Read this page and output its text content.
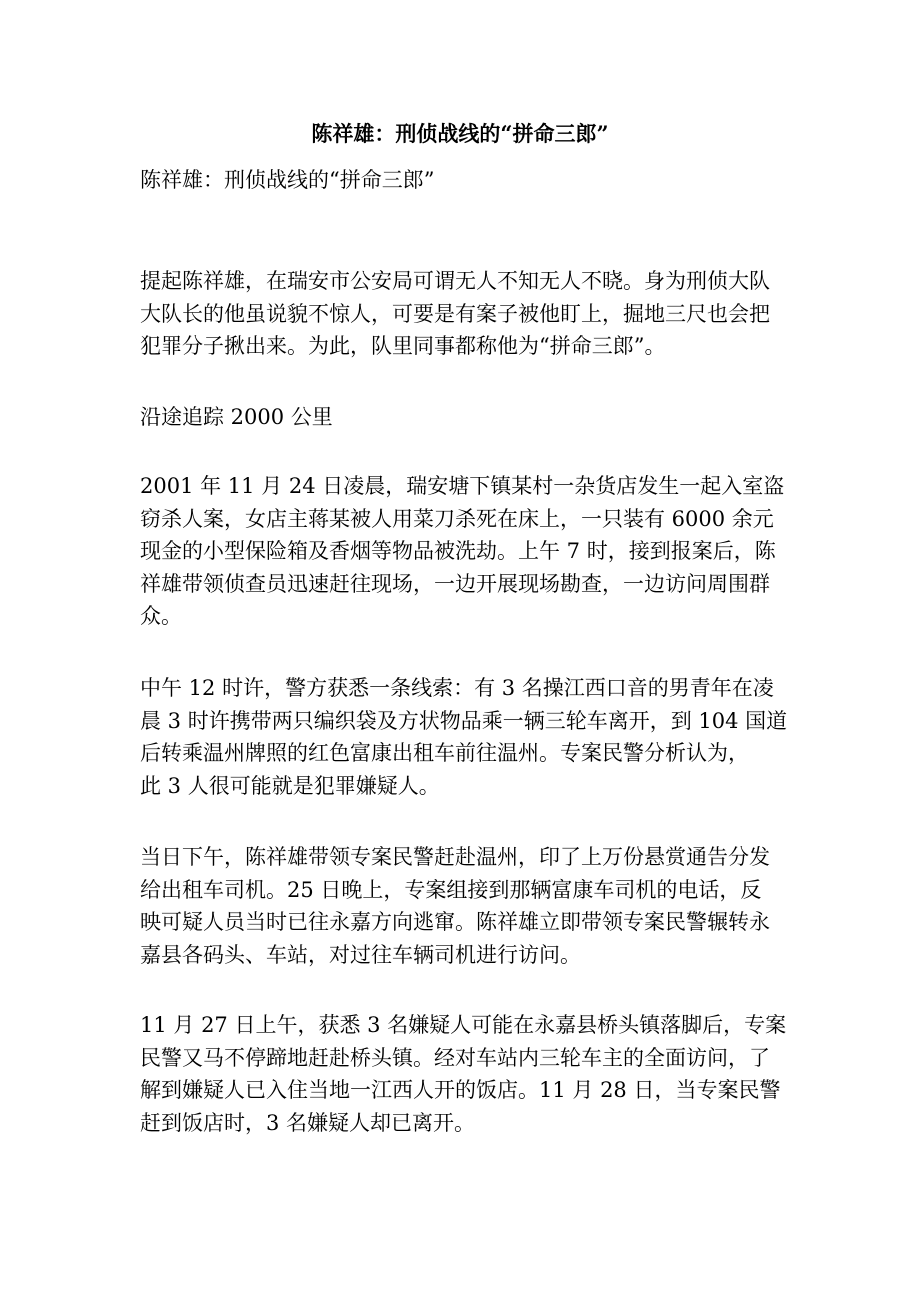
陈祥雄：刑侦战线的“拼命三郎”

陈祥雄：刑侦战线的“拼命三郎”

提起陈祥雄，在瑞安市公安局可谓无人不知无人不晓。身为刑侦大队
大队长的他虽说貌不惊人，可要是有案子被他盯上，掘地三尺也会把
犯罪分子揪出来。为此，队里同事都称他为“拼命三郎”。

沿途追踪 2000 公里

2001 年 11 月 24 日凌晨，瑞安塘下镇某村一杂货店发生一起入室盗
窃杀人案，女店主蒋某被人用菜刀杀死在床上，一只装有 6000 余元
现金的小型保险箱及香烟等物品被洗劫。上午 7 时，接到报案后，陈
祥雄带领侦查员迅速赶往现场，一边开展现场勘查，一边访问周围群
众。

中午 12 时许，警方获悉一条线索：有 3 名操江西口音的男青年在凌
晨 3 时许携带两只编织袋及方状物品乘一辆三轮车离开，到 104 国道
后转乘温州牌照的红色富康出租车前往温州。专案民警分析认为，
此 3 人很可能就是犯罪嫌疑人。

当日下午，陈祥雄带领专案民警赶赴温州，印了上万份悬赏通告分发
给出租车司机。25 日晚上，专案组接到那辆富康车司机的电话，反
映可疑人员当时已往永嘉方向逃窜。陈祥雄立即带领专案民警辗转永
嘉县各码头、车站，对过往车辆司机进行访问。

11 月 27 日上午，获悉 3 名嫌疑人可能在永嘉县桥头镇落脚后，专案
民警又马不停蹄地赶赴桥头镇。经对车站内三轮车主的全面访问，了
解到嫌疑人已入住当地一江西人开的饭店。11 月 28 日，当专案民警
赶到饭店时，3 名嫌疑人却已离开。
